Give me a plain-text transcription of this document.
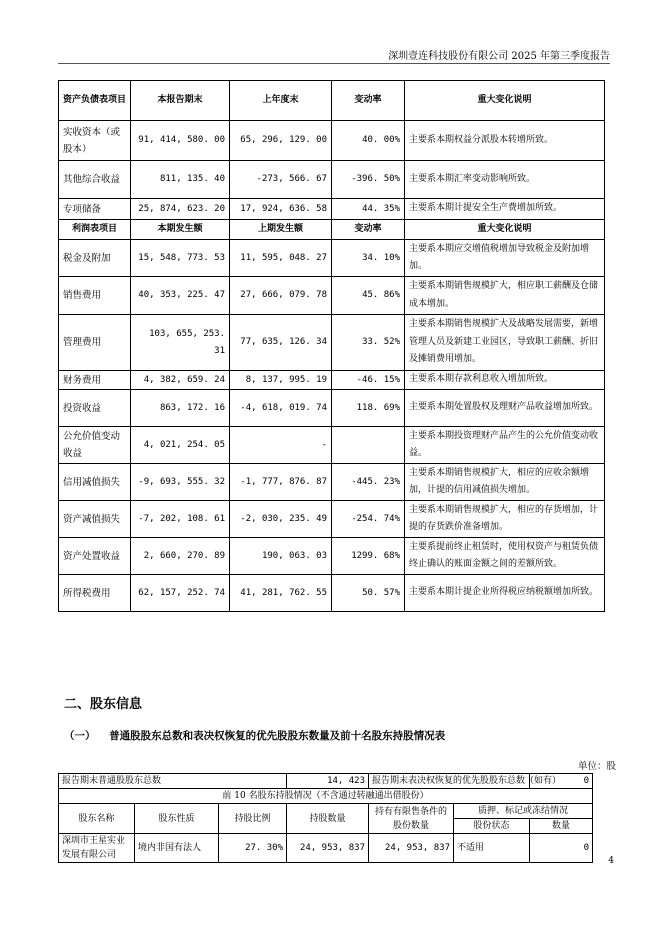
深圳壹连科技股份有限公司 2025 年第三季度报告
资产负债表项目	本报告期末	上年度末	变动率	重大变化说明
实收资本（或股本）	91, 414, 580. 00	65, 296, 129. 00	40. 00%	主要系本期权益分派股本转增所致。
其他综合收益	811, 135. 40	-273, 566. 67	-396. 50%	主要系本期汇率变动影响所致。
专项储备	25, 874, 623. 20	17, 924, 636. 58	44. 35%	主要系本期计提安全生产费增加所致。
利润表项目	本期发生额	上期发生额	变动率	重大变化说明
税金及附加	15, 548, 773. 53	11, 595, 048. 27	34. 10%	主要系本期应交增值税增加导致税金及附加增加。
销售费用	40, 353, 225. 47	27, 666, 079. 78	45. 86%	主要系本期销售规模扩大，相应职工薪酬及仓储成本增加。
管理费用	103, 655, 253. 31	77, 635, 126. 34	33. 52%	主要系本期销售规模扩大及战略发展需要，新增管理人员及新建工业园区，导致职工薪酬、折旧及摊销费用增加。
财务费用	4, 382, 659. 24	8, 137, 995. 19	-46. 15%	主要系本期存款利息收入增加所致。
投资收益	863, 172. 16	-4, 618, 019. 74	118. 69%	主要系本期处置股权及理财产品收益增加所致。
公允价值变动收益	4, 021, 254. 05	-		主要系本期投资理财产品产生的公允价值变动收益。
信用减值损失	-9, 693, 555. 32	-1, 777, 876. 87	-445. 23%	主要系本期销售规模扩大，相应的应收余额增加，计提的信用减值损失增加。
资产减值损失	-7, 202, 108. 61	-2, 030, 235. 49	-254. 74%	主要系本期销售规模扩大，相应的存货增加，计提的存货跌价准备增加。
资产处置收益	2, 660, 270. 89	190, 063. 03	1299. 68%	主要系提前终止租赁时，使用权资产与租赁负债终止确认的账面金额之间的差额所致。
所得税费用	62, 157, 252. 74	41, 281, 762. 55	50. 57%	主要系本期计提企业所得税应纳税额增加所致。
二、股东信息
（一） 普通股股东总数和表决权恢复的优先股股东数量及前十名股东持股情况表
单位：股
报告期末普通股股东总数			14, 423	报告期末表决权恢复的优先股股东总数（如有）		0
前 10 名股东持股情况（不含通过转融通出借股份）						
股东名称	股东性质	持股比例	持股数量	持有有限售条件的股份数量	质押、标记或冻结情况	
					股份状态	数量
深圳市王星实业发展有限公司	境内非国有法人	27. 30%	24, 953, 837	24, 953, 837	不适用	0
4
